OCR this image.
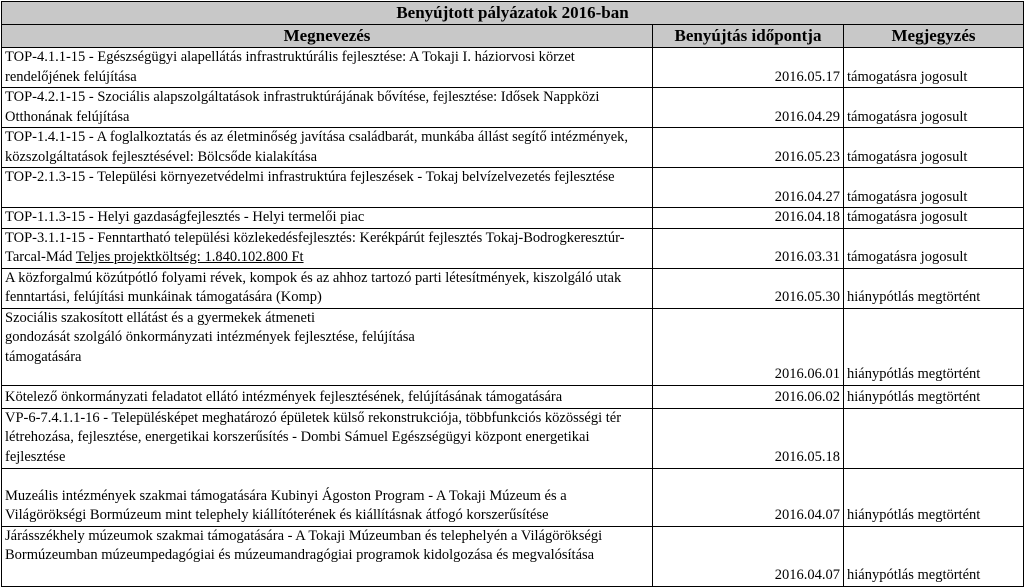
Benyújtott pályázatok 2016-ban		
Megnevezés	Benyújtás időpontja	Megjegyzés
TOP-4.1.1-15 - Egészségügyi alapellátás infrastruktúrális fejlesztése: A Tokaji I. háziorvosi körzet rendelőjének felújítása	2016.05.17	támogatásra jogosult
TOP-4.2.1-15 - Szociális alapszolgáltatások infrastruktúrájának bővítése, fejlesztése: Idősek Nappközi Otthonának felújítása	2016.04.29	támogatásra jogosult
TOP-1.4.1-15 - A foglalkoztatás és az életminőség javítása családbarát, munkába állást segítő intézmények, közszolgáltatások fejlesztésével: Bölcsőde kialakítása	2016.05.23	támogatásra jogosult
TOP-2.1.3-15 - Települési környezetvédelmi infrastruktúra fejleszések - Tokaj belvízelvezetés fejlesztése	2016.04.27	támogatásra jogosult
TOP-1.1.3-15 - Helyi gazdaságfejlesztés - Helyi termelői piac	2016.04.18	támogatásra jogosult
TOP-3.1.1-15 - Fenntartható települési közlekedésfejlesztés: Kerékpárút fejlesztés Tokaj-Bodrogkeresztúr-Tarcal-Mád Teljes projektköltség: 1.840.102.800 Ft	2016.03.31	támogatásra jogosult
A közforgalmú közútpótló folyami révek, kompok és az ahhoz tartozó parti létesítmények, kiszolgáló utak fenntartási, felújítási munkáinak támogatására (Komp)	2016.05.30	hiánypótlás megtörtént

Szociális szakosított ellátást és a gyermekek átmeneti
gondozását szolgáló önkormányzati intézmények fejlesztése, felújítása
támogatására	2016.06.01	hiánypótlás megtörtént
Kötelező önkormányzati feladatot ellátó intézmények fejlesztésének, felújításának támogatására	2016.06.02	hiánypótlás megtörtént
VP-6-7.4.1.1-16 - Településképet meghatározó épületek külső rekonstrukciója, többfunkciós közösségi tér létrehozása, fejlesztése, energetikai korszerűsítés - Dombi Sámuel Egészségügyi központ energetikai fejlesztése	2016.05.18	
Muzeális intézmények szakmai támogatására Kubinyi Ágoston Program - A Tokaji Múzeum és a Világörökségi Bormúzeum mint telephely kiállítóterének és kiállításnak átfogó korszerűsítése	2016.04.07	hiánypótlás megtörtént
Járásszékhely múzeumok szakmai támogatására - A Tokaji Múzeumban és telephelyén a Világörökségi Bormúzeumban múzeumpedagógiai és múzeumandragógiai programok kidolgozása és megvalósítása	2016.04.07	hiánypótlás megtörtént
